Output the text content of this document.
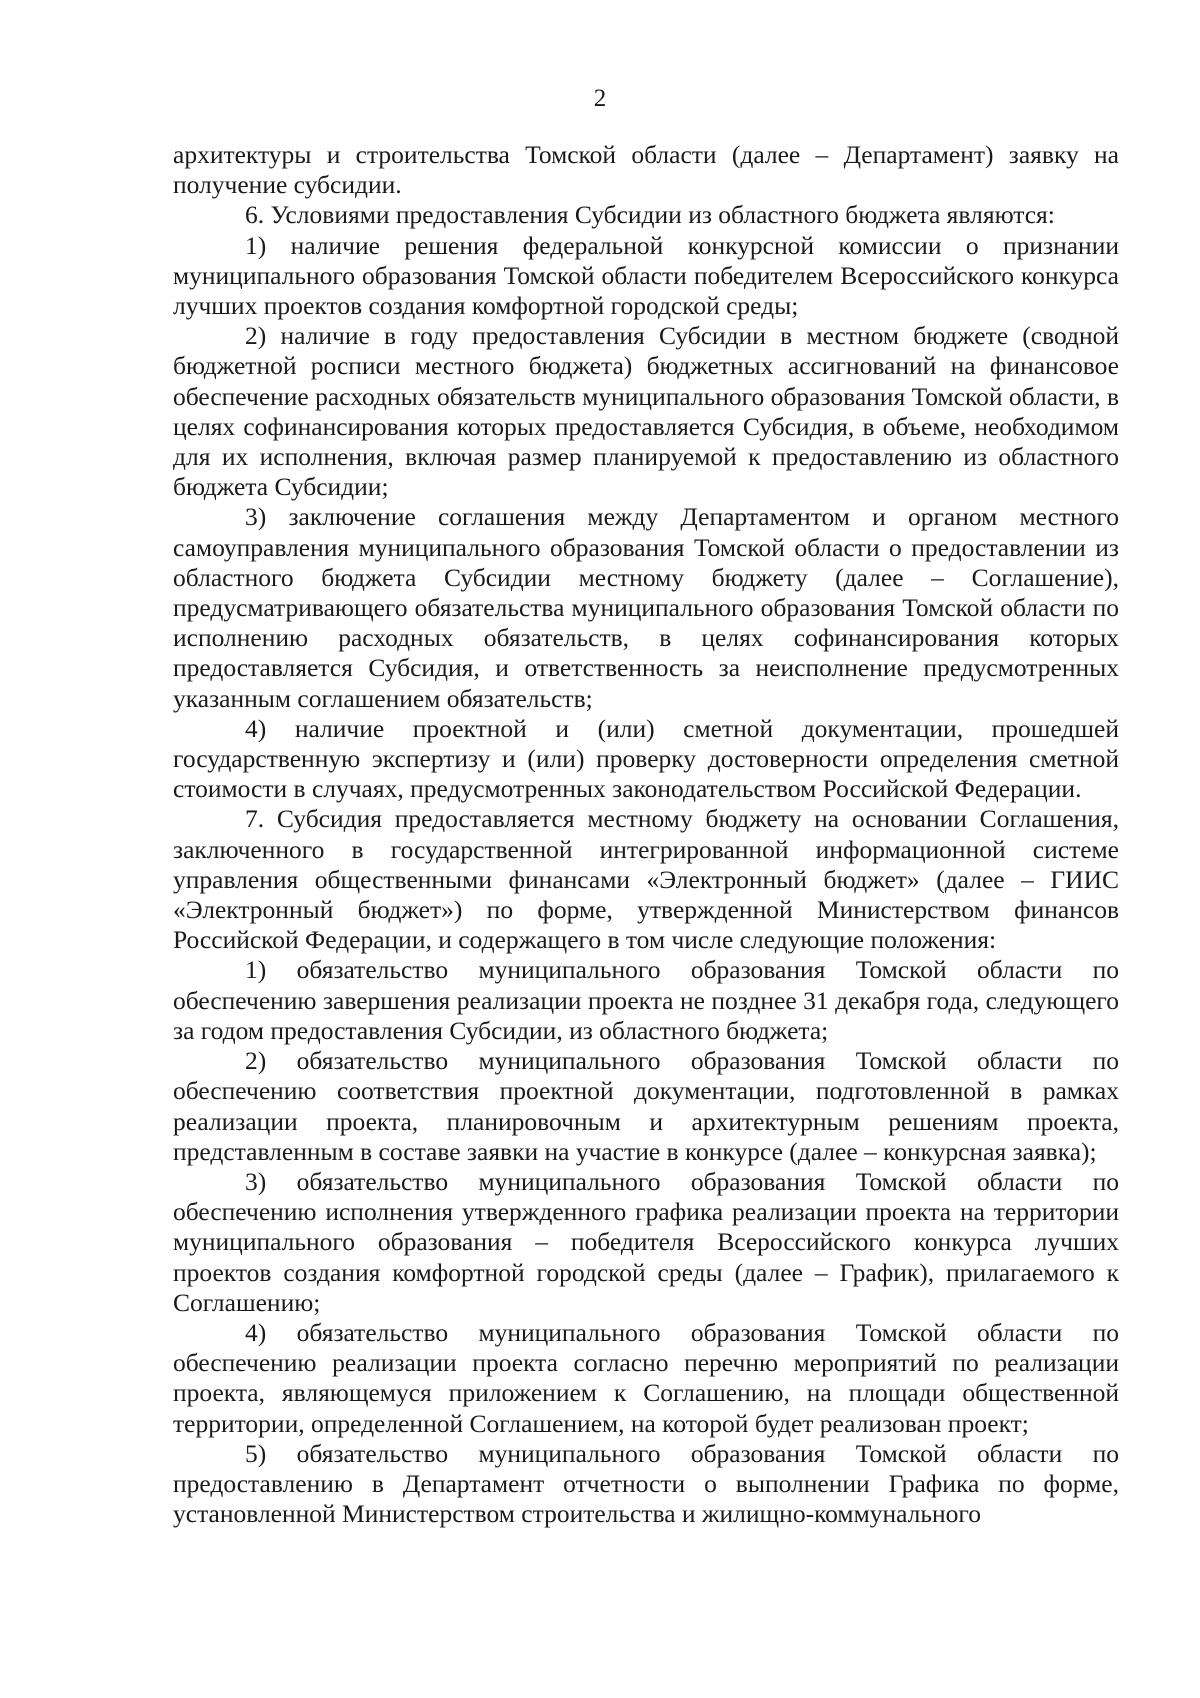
2

архитектуры и строительства Томской области (далее – Департамент) заявку на получение субсидии.

6. Условиями предоставления Субсидии из областного бюджета являются:

1) наличие решения федеральной конкурсной комиссии о признании муниципального образования Томской области победителем Всероссийского конкурса лучших проектов создания комфортной городской среды;

2) наличие в году предоставления Субсидии в местном бюджете (сводной бюджетной росписи местного бюджета) бюджетных ассигнований на финансовое обеспечение расходных обязательств муниципального образования Томской области, в целях софинансирования которых предоставляется Субсидия, в объеме, необходимом для их исполнения, включая размер планируемой к предоставлению из областного бюджета Субсидии;

3) заключение соглашения между Департаментом и органом местного самоуправления муниципального образования Томской области о предоставлении из областного бюджета Субсидии местному бюджету (далее – Соглашение), предусматривающего обязательства муниципального образования Томской области по исполнению расходных обязательств, в целях софинансирования которых предоставляется Субсидия, и ответственность за неисполнение предусмотренных указанным соглашением обязательств;

4) наличие проектной и (или) сметной документации, прошедшей государственную экспертизу и (или) проверку достоверности определения сметной стоимости в случаях, предусмотренных законодательством Российской Федерации.

7. Субсидия предоставляется местному бюджету на основании Соглашения, заключенного в государственной интегрированной информационной системе управления общественными финансами «Электронный бюджет» (далее – ГИИС «Электронный бюджет») по форме, утвержденной Министерством финансов Российской Федерации, и содержащего в том числе следующие положения:

1) обязательство муниципального образования Томской области по обеспечению завершения реализации проекта не позднее 31 декабря года, следующего за годом предоставления Субсидии, из областного бюджета;

2) обязательство муниципального образования Томской области по обеспечению соответствия проектной документации, подготовленной в рамках реализации проекта, планировочным и архитектурным решениям проекта, представленным в составе заявки на участие в конкурсе (далее – конкурсная заявка);

3) обязательство муниципального образования Томской области по обеспечению исполнения утвержденного графика реализации проекта на территории муниципального образования – победителя Всероссийского конкурса лучших проектов создания комфортной городской среды (далее – График), прилагаемого к Соглашению;

4) обязательство муниципального образования Томской области по обеспечению реализации проекта согласно перечню мероприятий по реализации проекта, являющемуся приложением к Соглашению, на площади общественной территории, определенной Соглашением, на которой будет реализован проект;

5) обязательство муниципального образования Томской области по предоставлению в Департамент отчетности о выполнении Графика по форме, установленной Министерством строительства и жилищно-коммунального
